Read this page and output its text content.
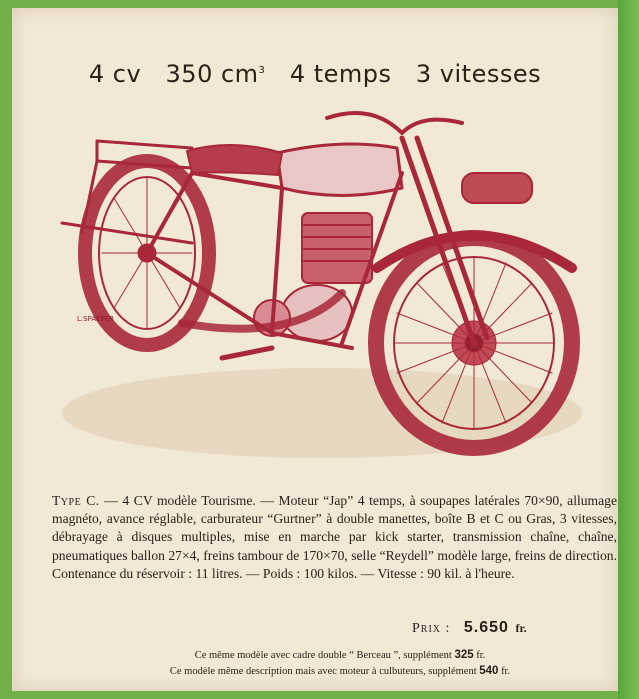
4 cv 350 $cm^3$ 4 temps 3 vitesses
L.SPAETER
Type C. — 4 CV modèle Tourisme. — Moteur “Jap” 4 temps, à soupapes latérales 70×90, allumage magnéto, avance réglable, carburateur “Gurtner” à double manettes, boîte B et C ou Gras, 3 vitesses, débrayage à disques multiples, mise en marche par kick starter, transmission chaîne, chaîne, pneumatiques ballon 27×4, freins tambour de 170×70, selle “Reydell” modèle large, freins de direction. Contenance du réservoir : 11 litres. — Poids : 100 kilos. — Vitesse : 90 kil. à l'heure.
Prix : 5.650 fr.
Ce même modèle avec cadre double “ Berceau ”, supplément 325 fr.
Ce modèle même description mais avec moteur à culbuteurs, supplément 540 fr.
